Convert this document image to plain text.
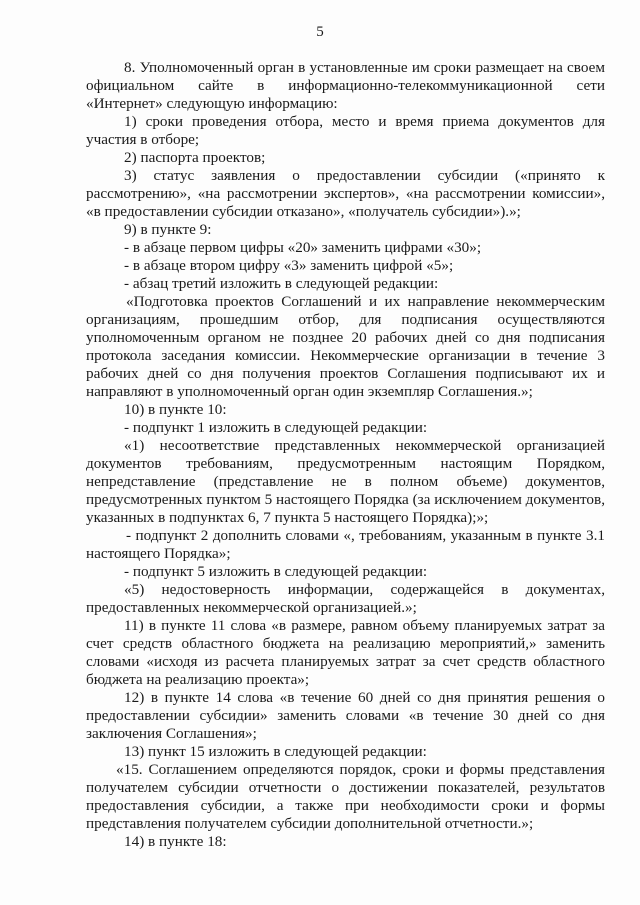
5

8. Уполномоченный орган в установленные им сроки размещает на своем официальном сайте в информационно-телекоммуникационной сети «Интернет» следующую информацию:

1) сроки проведения отбора, место и время приема документов для участия в отборе;

2) паспорта проектов;

3) статус заявления о предоставлении субсидии («принято к рассмотрению», «на рассмотрении экспертов», «на рассмотрении комиссии», «в предоставлении субсидии отказано», «получатель субсидии»).»;

9) в пункте 9:

- в абзаце первом цифры «20» заменить цифрами «30»;

- в абзаце втором цифру «3» заменить цифрой «5»;

- абзац третий изложить в следующей редакции:

«Подготовка проектов Соглашений и их направление некоммерческим организациям, прошедшим отбор, для подписания осуществляются уполномоченным органом не позднее 20 рабочих дней со дня подписания протокола заседания комиссии. Некоммерческие организации в течение 3 рабочих дней со дня получения проектов Соглашения подписывают их и направляют в уполномоченный орган один экземпляр Соглашения.»;

10) в пункте 10:

- подпункт 1 изложить в следующей редакции:

«1) несоответствие представленных некоммерческой организацией документов требованиям, предусмотренным настоящим Порядком, непредставление (представление не в полном объеме) документов, предусмотренных пунктом 5 настоящего Порядка (за исключением документов, указанных в подпунктах 6, 7 пункта 5 настоящего Порядка);»;

- подпункт 2 дополнить словами «, требованиям, указанным в пункте 3.1 настоящего Порядка»;

- подпункт 5 изложить в следующей редакции:

«5) недостоверность информации, содержащейся в документах, предоставленных некоммерческой организацией.»;

11) в пункте 11 слова «в размере, равном объему планируемых затрат за счет средств областного бюджета на реализацию мероприятий,» заменить словами «исходя из расчета планируемых затрат за счет средств областного бюджета на реализацию проекта»;

12) в пункте 14 слова «в течение 60 дней со дня принятия решения о предоставлении субсидии» заменить словами «в течение 30 дней со дня заключения Соглашения»;

13) пункт 15 изложить в следующей редакции:

«15. Соглашением определяются порядок, сроки и формы представления получателем субсидии отчетности о достижении показателей, результатов предоставления субсидии, а также при необходимости сроки и формы представления получателем субсидии дополнительной отчетности.»;

14) в пункте 18:
